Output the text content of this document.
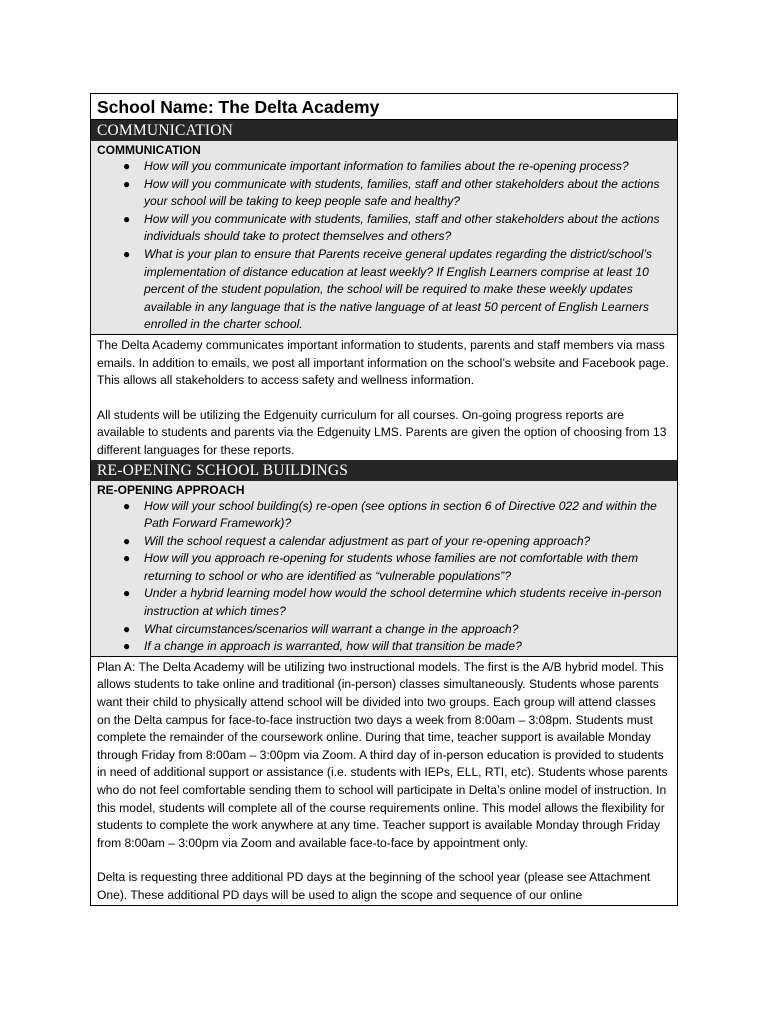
School Name: The Delta Academy
COMMUNICATION
COMMUNICATION
● How will you communicate important information to families about the re-opening process?
● How will you communicate with students, families, staff and other stakeholders about the actions your school will be taking to keep people safe and healthy?
● How will you communicate with students, families, staff and other stakeholders about the actions individuals should take to protect themselves and others?
● What is your plan to ensure that Parents receive general updates regarding the district/school’s implementation of distance education at least weekly? If English Learners comprise at least 10 percent of the student population, the school will be required to make these weekly updates available in any language that is the native language of at least 50 percent of English Learners enrolled in the charter school.

The Delta Academy communicates important information to students, parents and staff members via mass emails. In addition to emails, we post all important information on the school’s website and Facebook page. This allows all stakeholders to access safety and wellness information.

All students will be utilizing the Edgenuity curriculum for all courses. On-going progress reports are available to students and parents via the Edgenuity LMS. Parents are given the option of choosing from 13 different languages for these reports.

RE-OPENING SCHOOL BUILDINGS
RE-OPENING APPROACH
● How will your school building(s) re-open (see options in section 6 of Directive 022 and within the Path Forward Framework)?
● Will the school request a calendar adjustment as part of your re-opening approach?
● How will you approach re-opening for students whose families are not comfortable with them returning to school or who are identified as “vulnerable populations”?
● Under a hybrid learning model how would the school determine which students receive in-person instruction at which times?
● What circumstances/scenarios will warrant a change in the approach?
● If a change in approach is warranted, how will that transition be made?

Plan A: The Delta Academy will be utilizing two instructional models. The first is the A/B hybrid model. This allows students to take online and traditional (in-person) classes simultaneously. Students whose parents want their child to physically attend school will be divided into two groups. Each group will attend classes on the Delta campus for face-to-face instruction two days a week from 8:00am – 3:08pm. Students must complete the remainder of the coursework online. During that time, teacher support is available Monday through Friday from 8:00am – 3:00pm via Zoom. A third day of in-person education is provided to students in need of additional support or assistance (i.e. students with IEPs, ELL, RTI, etc). Students whose parents who do not feel comfortable sending them to school will participate in Delta’s online model of instruction. In this model, students will complete all of the course requirements online. This model allows the flexibility for students to complete the work anywhere at any time. Teacher support is available Monday through Friday from 8:00am – 3:00pm via Zoom and available face-to-face by appointment only.

Delta is requesting three additional PD days at the beginning of the school year (please see Attachment One). These additional PD days will be used to align the scope and sequence of our online
